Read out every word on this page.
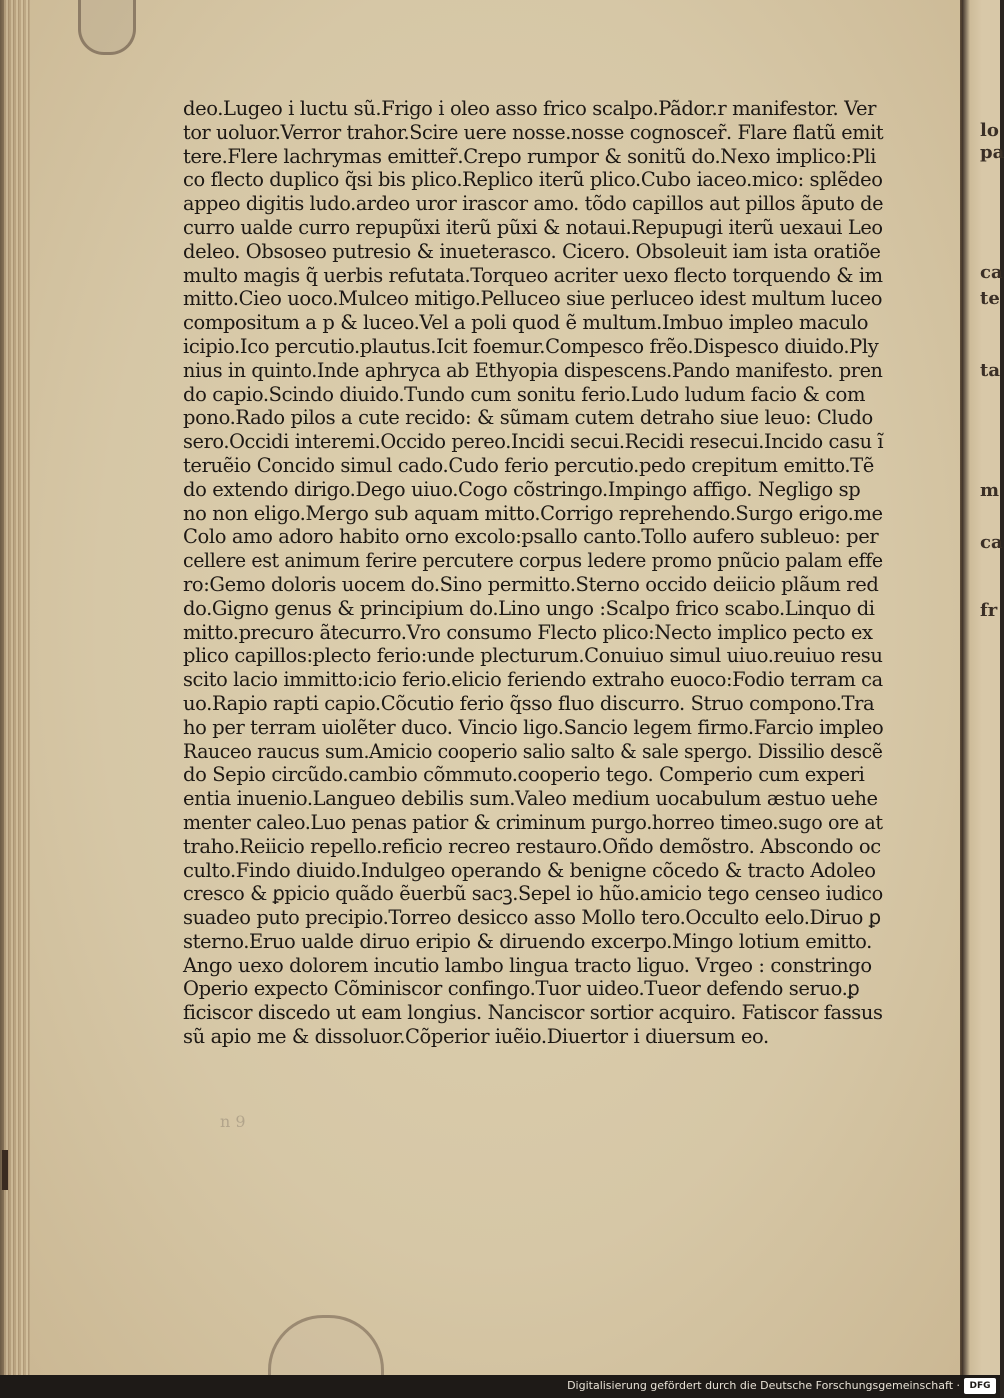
lo
pa
ca
te
ta
m
ca
fr
deo.Lugeo i luctu sũ.Frigo i oleo asso frico scalpo.Pãdor.r manifestor. Ver
tor uoluor.Verror trahor.Scire uere nosse.nosse cognoscer̃. Flare flatũ emit
tere.Flere lachrymas emitter̃.Crepo rumpor & sonitũ do.Nexo implico:Pli
co flecto duplico q̃si bis plico.Replico iterũ plico.Cubo iaceo.mico: splẽdeo
appeo digitis ludo.ardeo uror irascor amo. tõdo capillos aut pillos ãputo de
curro ualde curro repupũxi iterũ pũxi & notaui.Repupugi iterũ uexaui Leo
deleo. Obsoseo putresio & inueterasco. Cicero. Obsoleuit iam ista oratiõe
multo magis q̃ uerbis refutata.Torqueo acriter uexo flecto torquendo & im
mitto.Cieo uoco.Mulceo mitigo.Pelluceo siue perluceo idest multum luceo
compositum a p & luceo.Vel a poli quod ẽ multum.Imbuo impleo maculo
icipio.Ico percutio.plautus.Icit foemur.Compesco frẽo.Dispesco diuido.Ply
nius in quinto.Inde aphryca ab Ethyopia dispescens.Pando manifesto. pren
do capio.Scindo diuido.Tundo cum sonitu ferio.Ludo ludum facio & com
pono.Rado pilos a cute recido: & sũmam cutem detraho siue leuo: Cludo
sero.Occidi interemi.Occido pereo.Incidi secui.Recidi resecui.Incido casu ĩ
teruẽio Concido simul cado.Cudo ferio percutio.pedo crepitum emitto.Tẽ
do extendo dirigo.Dego uiuo.Cogo cõstringo.Impingo affigo. Negligo sp
no non eligo.Mergo sub aquam mitto.Corrigo reprehendo.Surgo erigo.me
Colo amo adoro habito orno excolo:psallo canto.Tollo aufero subleuo: per
cellere est animum ferire percutere corpus ledere promo pnũcio palam effe
ro:Gemo doloris uocem do.Sino permitto.Sterno occido deiicio plãum red
do.Gigno genus & principium do.Lino ungo :Scalpo frico scabo.Linquo di
mitto.precuro ãtecurro.Vro consumo Flecto plico:Necto implico pecto ex
plico capillos:plecto ferio:unde plecturum.Conuiuo simul uiuo.reuiuo resu
scito lacio immitto:icio ferio.elicio feriendo extraho euoco:Fodio terram ca
uo.Rapio rapti capio.Cõcutio ferio q̃sso fluo discurro. Struo compono.Tra
ho per terram uiolẽter duco. Vincio ligo.Sancio legem firmo.Farcio impleo
Rauceo raucus sum.Amicio cooperio salio salto & sale spergo. Dissilio descẽ
do Sepio circũdo.cambio cõmmuto.cooperio tego. Comperio cum experi
entia inuenio.Langueo debilis sum.Valeo medium uocabulum æstuo uehe
menter caleo.Luo penas patior & criminum purgo.horreo timeo.sugo ore at
traho.Reiicio repello.reficio recreo restauro.Oñdo demõstro. Abscondo oc
culto.Findo diuido.Indulgeo operando & benigne cõcedo & tracto Adoleo
cresco & ꝑpicio quãdo ẽuerbũ sacꝫ.Sepel io hũo.amicio tego censeo iudico
suadeo puto precipio.Torreo desicco asso Mollo tero.Occulto eelo.Diruo ꝑ
sterno.Eruo ualde diruo eripio & diruendo excerpo.Mingo lotium emitto.
Ango uexo dolorem incutio lambo lingua tracto liguo. Vrgeo : constringo
Operio expecto Cõminiscor confingo.Tuor uideo.Tueor defendo seruo.ꝑ
ficiscor discedo ut eam longius. Nanciscor sortior acquiro. Fatiscor fassus
sũ apio me & dissoluor.Cõperior iuẽio.Diuertor i diuersum eo.
n 9
Digitalisierung gefördert durch die Deutsche Forschungsgemeinschaft ·	DFG
